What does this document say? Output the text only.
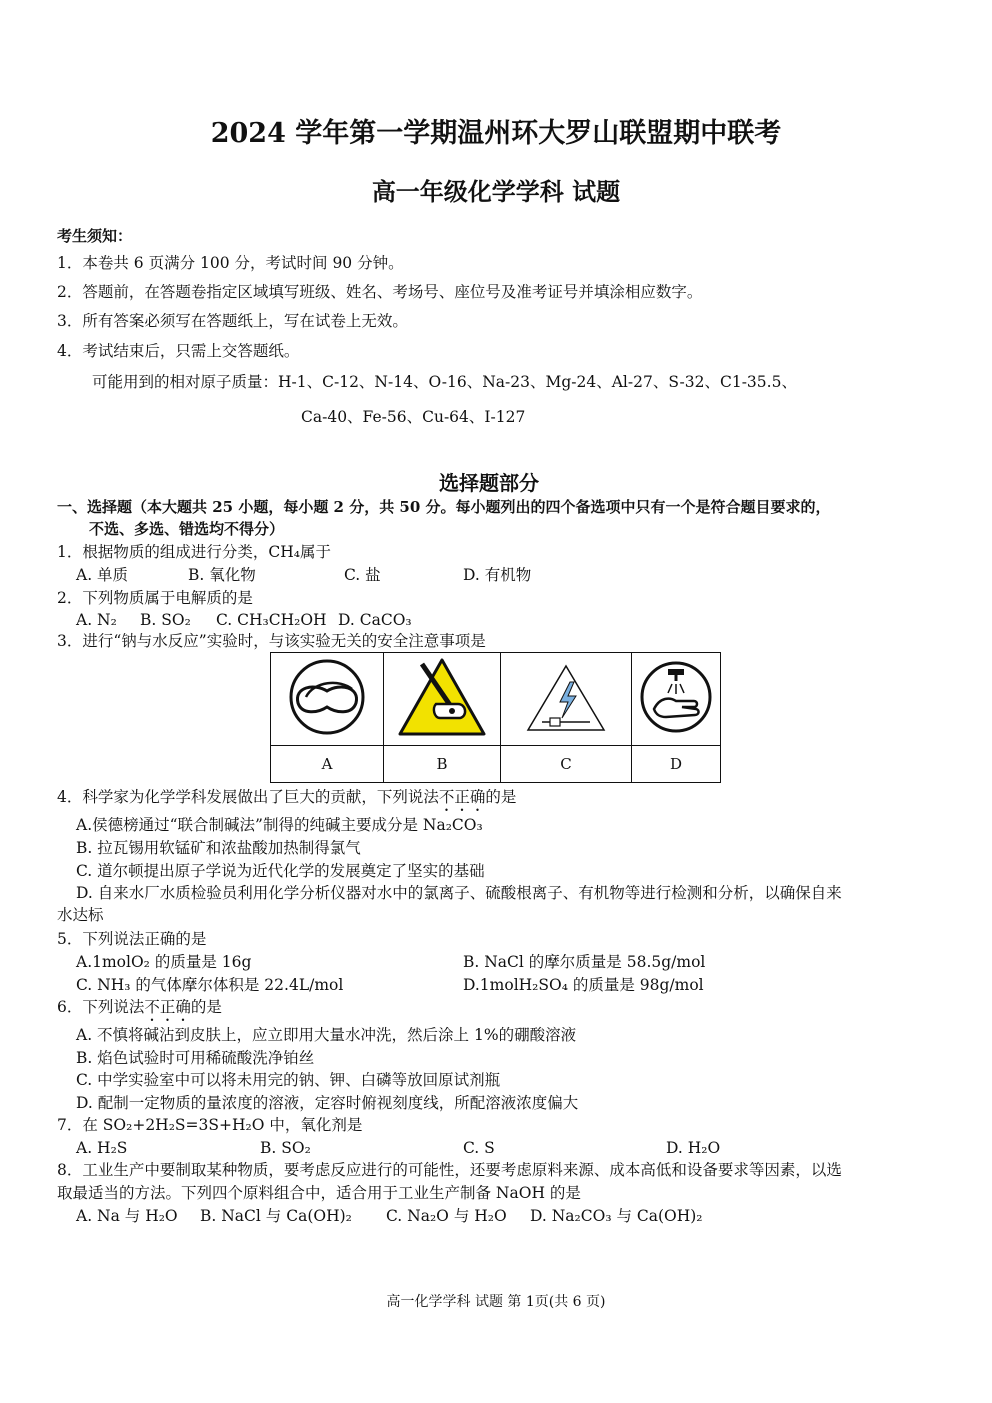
2024 学年第一学期温州环大罗山联盟期中联考
高一年级化学学科 试题
考生须知：
1．本卷共 6 页满分 100 分，考试时间 90 分钟。
2．答题前，在答题卷指定区域填写班级、姓名、考场号、座位号及准考证号并填涂相应数字。
3．所有答案必须写在答题纸上，写在试卷上无效。
4．考试结束后，只需上交答题纸。
可能用到的相对原子质量：H-1、C-12、N-14、O-16、Na-23、Mg-24、Al-27、S-32、C1-35.5、
Ca-40、Fe-56、Cu-64、I-127
选择题部分
一、选择题（本大题共 25 小题，每小题 2 分，共 50 分。每小题列出的四个备选项中只有一个是符合题目要求的，
不选、多选、错选均不得分）
1．根据物质的组成进行分类，CH₄属于
A. 单质	B. 氧化物	C. 盐	D. 有机物
2．下列物质属于电解质的是
A. N₂ B. SO₂ C. CH₃CH₂OH D. CaCO₃
3．进行“钠与水反应”实验时，与该实验无关的安全注意事项是

A	B	C	D
4．科学家为化学学科发展做出了巨大的贡献，下列说法不正确的是
A.侯德榜通过“联合制碱法”制得的纯碱主要成分是 Na₂CO₃
B. 拉瓦锡用软锰矿和浓盐酸加热制得氯气
C. 道尔顿提出原子学说为近代化学的发展奠定了坚实的基础
D. 自来水厂水质检验员利用化学分析仪器对水中的氯离子、硫酸根离子、有机物等进行检测和分析，以确保自来
水达标
5．下列说法正确的是
A.1molO₂ 的质量是 16g	B. NaCl 的摩尔质量是 58.5g/mol
C. NH₃ 的气体摩尔体积是 22.4L/mol	D.1molH₂SO₄ 的质量是 98g/mol
6．下列说法不正确的是
A. 不慎将碱沾到皮肤上，应立即用大量水冲洗，然后涂上 1%的硼酸溶液
B. 焰色试验时可用稀硫酸洗净铂丝
C. 中学实验室中可以将未用完的钠、钾、白磷等放回原试剂瓶
D. 配制一定物质的量浓度的溶液，定容时俯视刻度线，所配溶液浓度偏大
7．在 SO₂+2H₂S=3S+H₂O 中，氧化剂是
A. H₂S	B. SO₂	C. S	D. H₂O
8．工业生产中要制取某种物质，要考虑反应进行的可能性，还要考虑原料来源、成本高低和设备要求等因素，以选
取最适当的方法。下列四个原料组合中，适合用于工业生产制备 NaOH 的是
A. Na 与 H₂O B. NaCl 与 Ca(OH)₂ C. Na₂O 与 H₂O D. Na₂CO₃ 与 Ca(OH)₂
高一化学学科 试题 第 1页(共 6 页)
